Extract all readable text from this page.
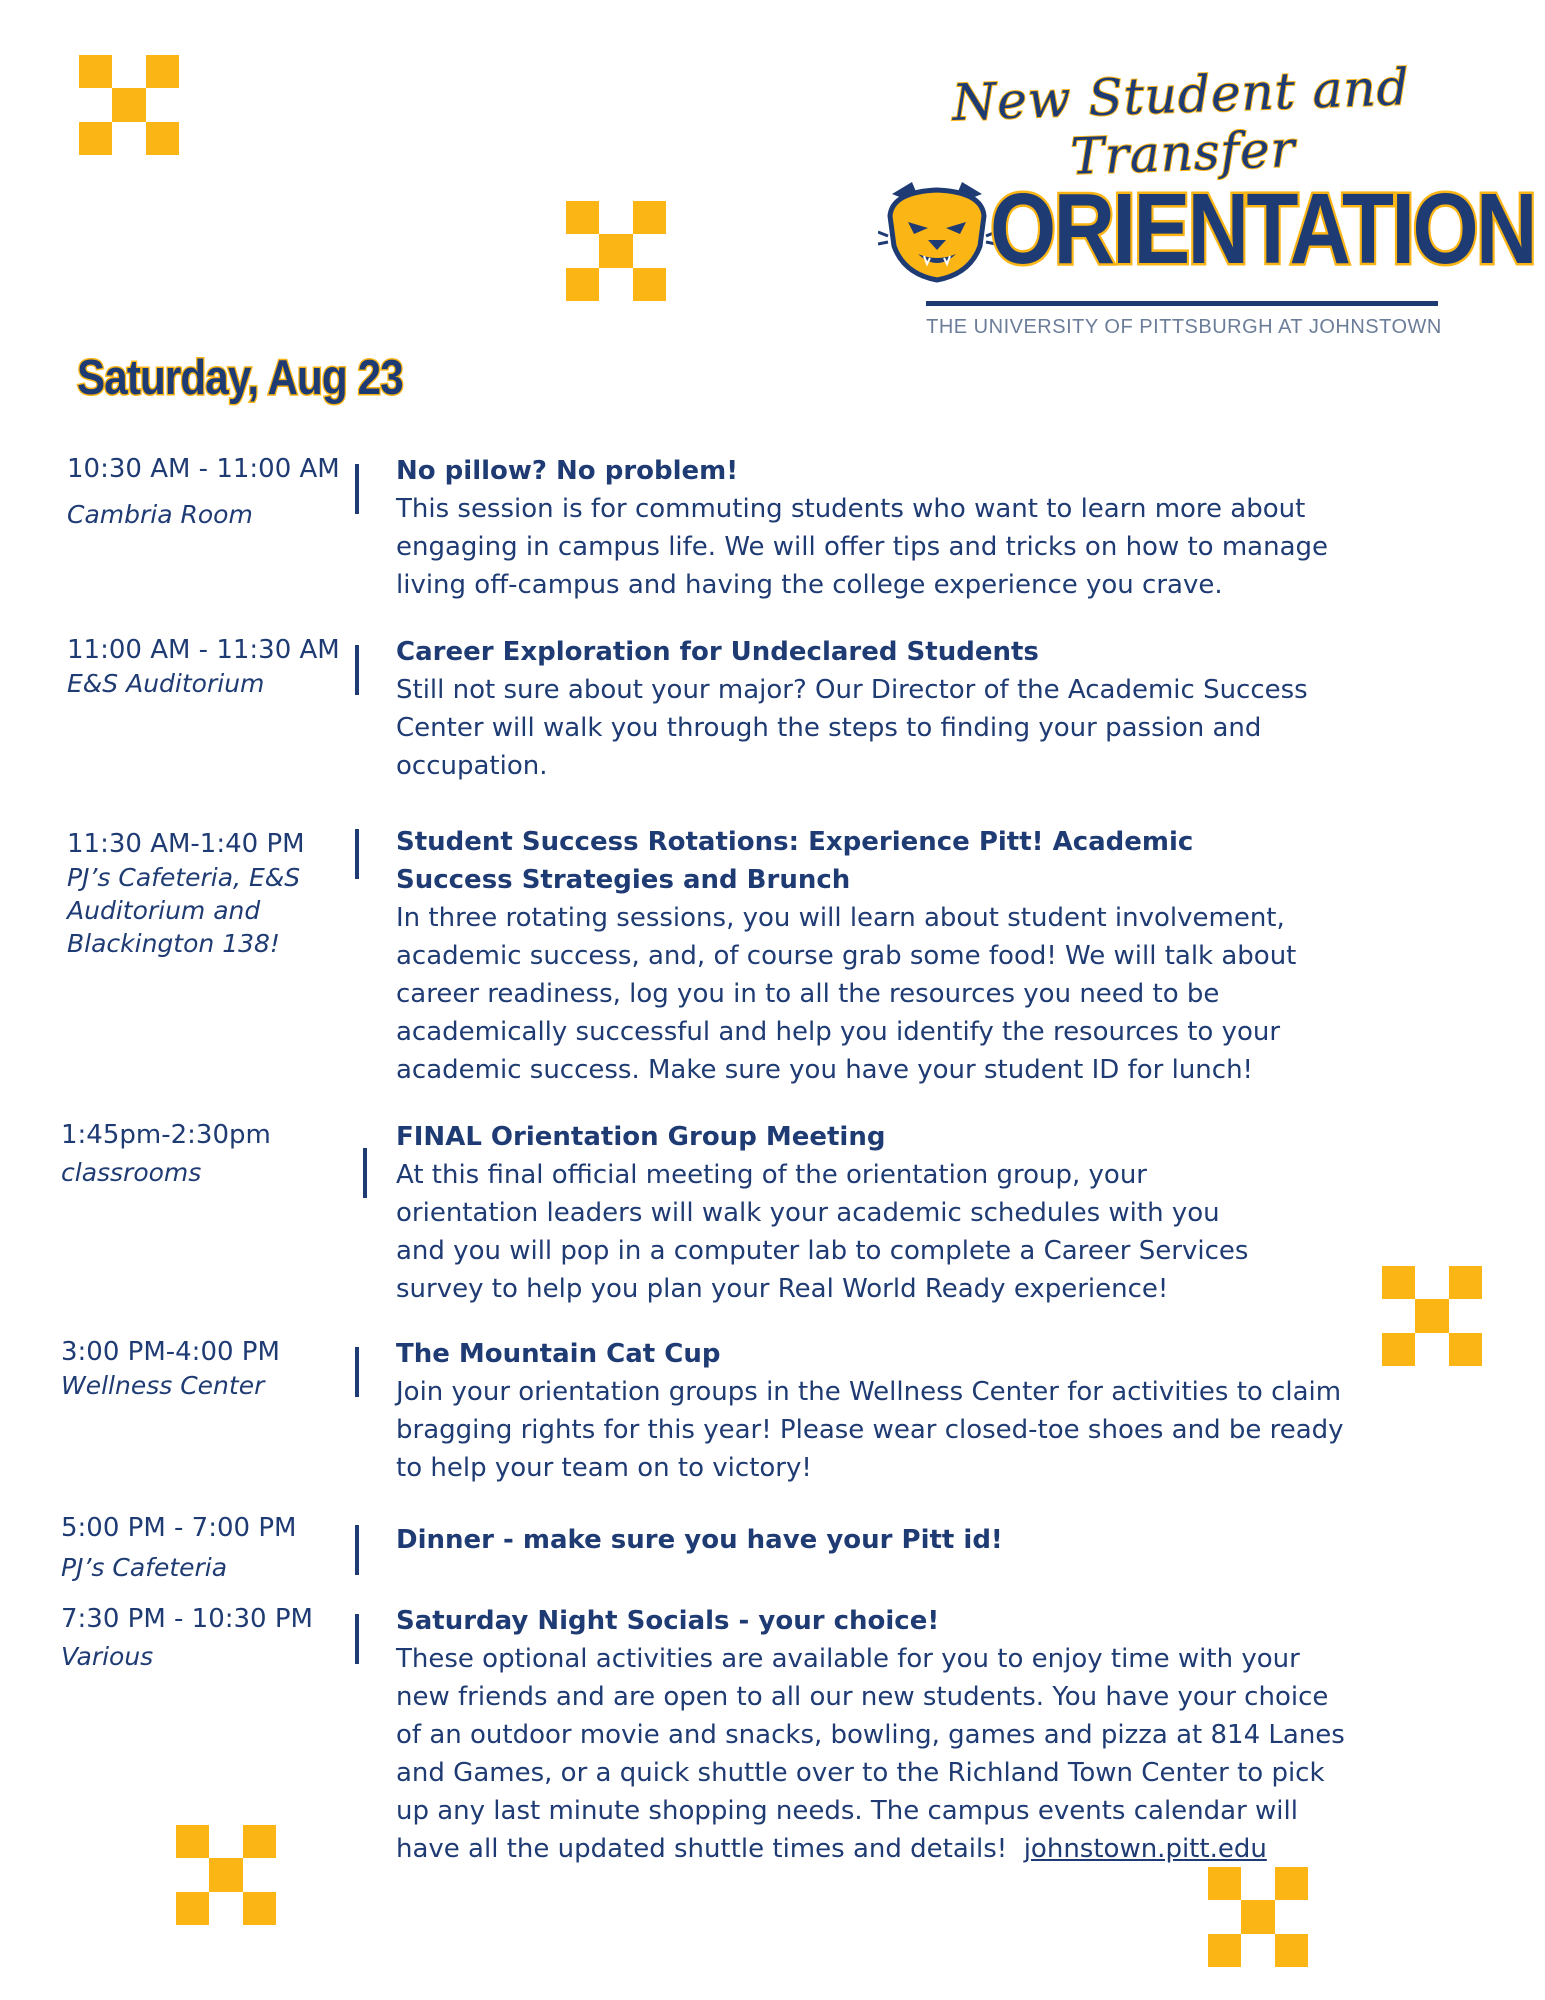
New Student and Transfer
ORIENTATION
THE UNIVERSITY OF PITTSBURGH AT JOHNSTOWN
Saturday, Aug 23
10:30 AM - 11:00 AM
Cambria Room
No pillow? No problem!
This session is for commuting students who want to learn more about engaging in campus life. We will offer tips and tricks on how to manage living off-campus and having the college experience you crave.
11:00 AM - 11:30 AM
E&S Auditorium
Career Exploration for Undeclared Students
Still not sure about your major? Our Director of the Academic Success Center will walk you through the steps to finding your passion and occupation.
11:30 AM-1:40 PM
PJ’s Cafeteria, E&S Auditorium and Blackington 138!
Student Success Rotations: Experience Pitt! Academic Success Strategies and Brunch
In three rotating sessions, you will learn about student involvement, academic success, and, of course grab some food! We will talk about career readiness, log you in to all the resources you need to be academically successful and help you identify the resources to your academic success. Make sure you have your student ID for lunch!
1:45pm-2:30pm
classrooms
FINAL Orientation Group Meeting
At this final official meeting of the orientation group, your orientation leaders will walk your academic schedules with you and you will pop in a computer lab to complete a Career Services survey to help you plan your Real World Ready experience!
3:00 PM-4:00 PM
Wellness Center
The Mountain Cat Cup
Join your orientation groups in the Wellness Center for activities to claim bragging rights for this year! Please wear closed-toe shoes and be ready to help your team on to victory!
5:00 PM - 7:00 PM
PJ’s Cafeteria
Dinner - make sure you have your Pitt id!
7:30 PM - 10:30 PM
Various
Saturday Night Socials - your choice!
These optional activities are available for you to enjoy time with your new friends and are open to all our new students. You have your choice of an outdoor movie and snacks, bowling, games and pizza at 814 Lanes and Games, or a quick shuttle over to the Richland Town Center to pick up any last minute shopping needs. The campus events calendar will have all the updated shuttle times and details! johnstown.pitt.edu
